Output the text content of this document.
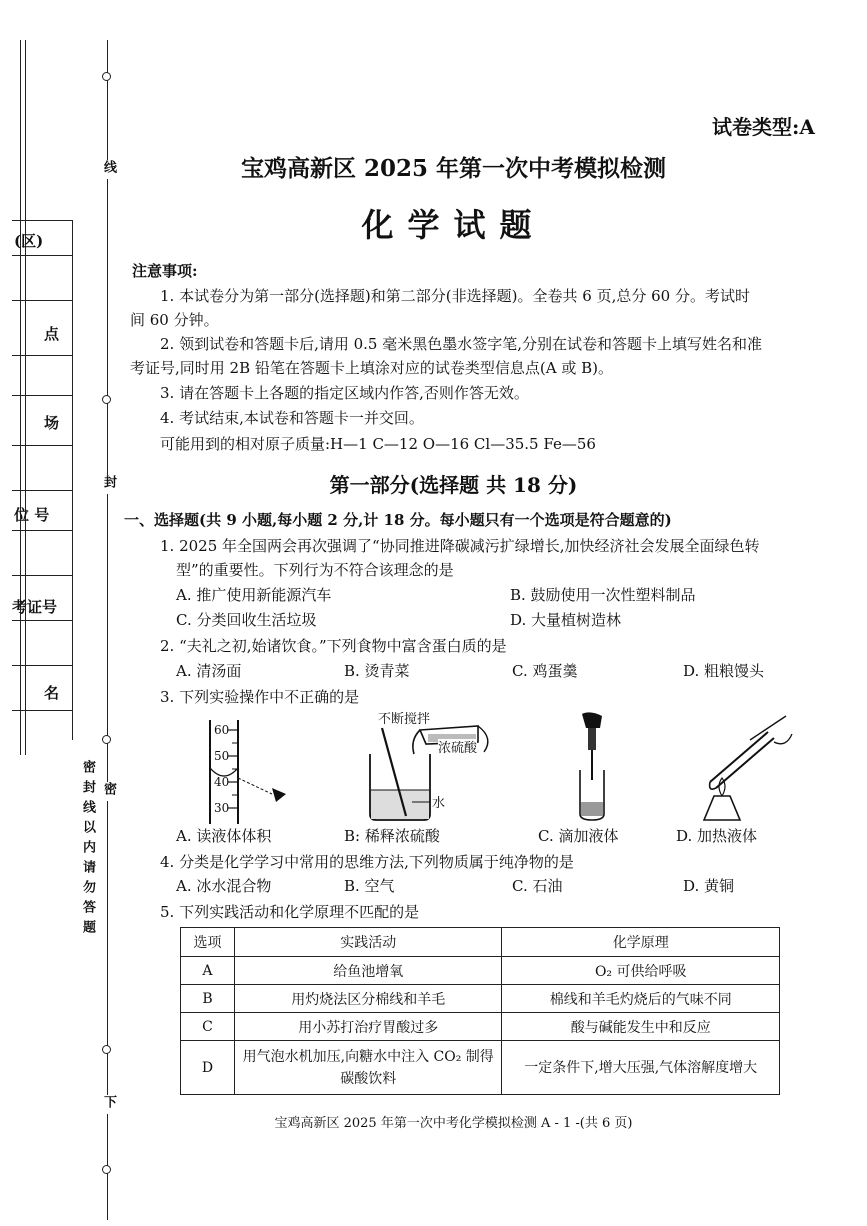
(区)
点
场
位 号
考证号
名
线
封
密
下
密封线以内请勿答题
试卷类型:A
宝鸡高新区 2025 年第一次中考模拟检测
化学试题
注意事项:
1. 本试卷分为第一部分(选择题)和第二部分(非选择题)。全卷共 6 页,总分 60 分。考试时
间 60 分钟。
2. 领到试卷和答题卡后,请用 0.5 毫米黑色墨水签字笔,分别在试卷和答题卡上填写姓名和准
考证号,同时用 2B 铅笔在答题卡上填涂对应的试卷类型信息点(A 或 B)。
3. 请在答题卡上各题的指定区域内作答,否则作答无效。
4. 考试结束,本试卷和答题卡一并交回。
可能用到的相对原子质量:H—1 C—12 O—16 Cl—35.5 Fe—56
第一部分(选择题 共 18 分)
一、选择题(共 9 小题,每小题 2 分,计 18 分。每小题只有一个选项是符合题意的)
1. 2025 年全国两会再次强调了“协同推进降碳减污扩绿增长,加快经济社会发展全面绿色转
型”的重要性。下列行为不符合该理念的是
A. 推广使用新能源汽车	B. 鼓励使用一次性塑料制品
C. 分类回收生活垃圾	D. 大量植树造林
2. “夫礼之初,始诸饮食。”下列食物中富含蛋白质的是
A. 清汤面	B. 烫青菜	C. 鸡蛋羹	D. 粗粮馒头
3. 下列实验操作中不正确的是
60
50
40
30
不断搅拌
浓硫酸
水
A. 读液体体积	B: 稀释浓硫酸	C. 滴加液体	D. 加热液体
4. 分类是化学学习中常用的思维方法,下列物质属于纯净物的是
A. 冰水混合物	B. 空气	C. 石油	D. 黄铜
5. 下列实践活动和化学原理不匹配的是
选项	实践活动	化学原理
A	给鱼池增氧	O₂ 可供给呼吸
B	用灼烧法区分棉线和羊毛	棉线和羊毛灼烧后的气味不同
C	用小苏打治疗胃酸过多	酸与碱能发生中和反应
D	用气泡水机加压,向糖水中注入 CO₂ 制得碳酸饮料	一定条件下,增大压强,气体溶解度增大
宝鸡高新区 2025 年第一次中考化学模拟检测 A - 1 -(共 6 页)
